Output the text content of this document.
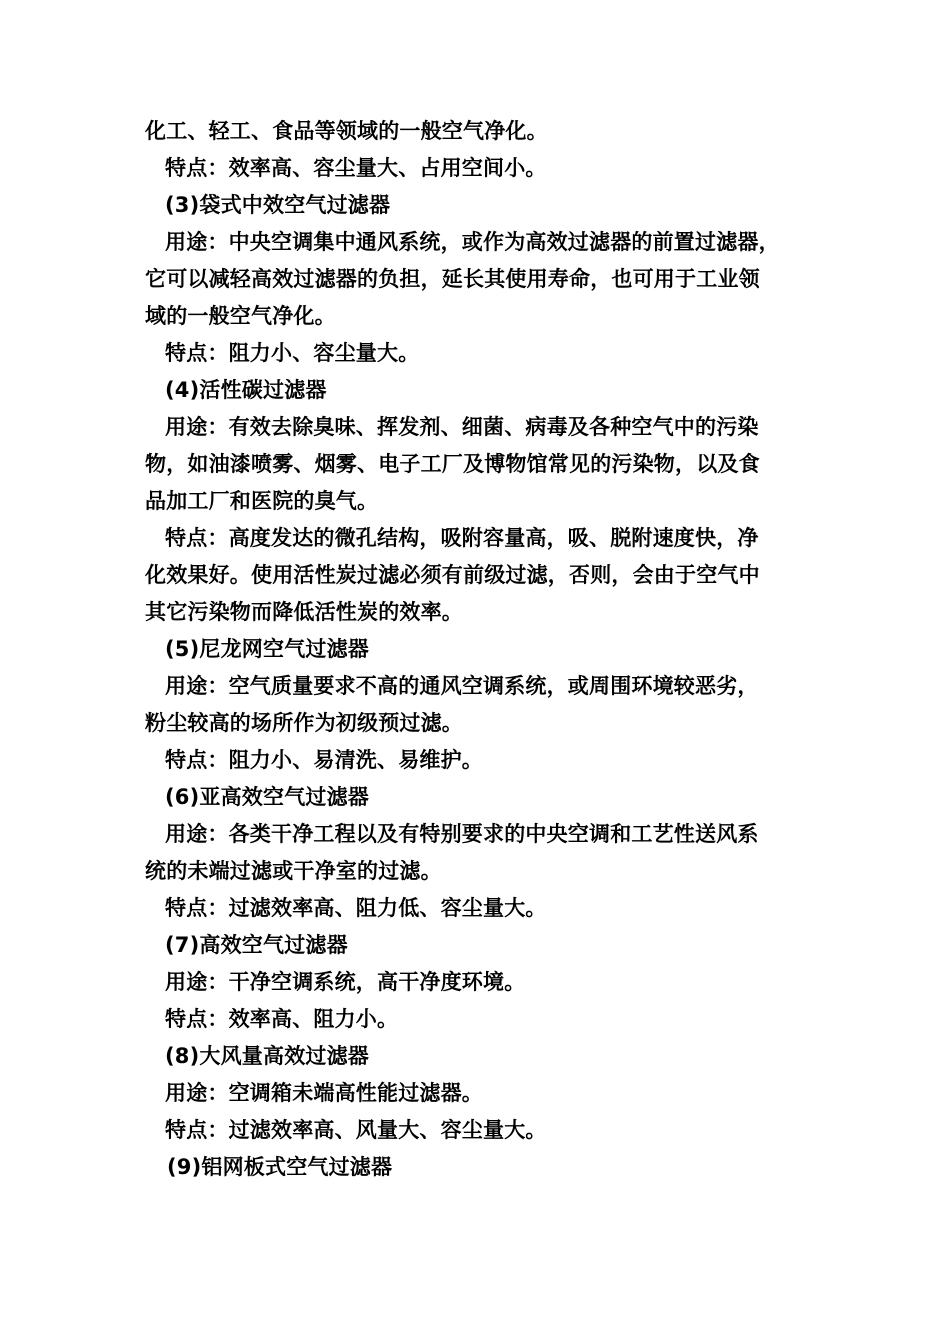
化工、轻工、食品等领域的一般空气净化。
特点：效率高、容尘量大、占用空间小。
(3)袋式中效空气过滤器
用途：中央空调集中通风系统，或作为高效过滤器的前置过滤器，
它可以减轻高效过滤器的负担，延长其使用寿命，也可用于工业领
域的一般空气净化。
特点：阻力小、容尘量大。
(4)活性碳过滤器
用途：有效去除臭味、挥发剂、细菌、病毒及各种空气中的污染
物，如油漆喷雾、烟雾、电子工厂及博物馆常见的污染物，以及食
品加工厂和医院的臭气。
特点：高度发达的微孔结构，吸附容量高，吸、脱附速度快，净
化效果好。使用活性炭过滤必须有前级过滤，否则，会由于空气中
其它污染物而降低活性炭的效率。
(5)尼龙网空气过滤器
用途：空气质量要求不高的通风空调系统，或周围环境较恶劣，
粉尘较高的场所作为初级预过滤。
特点：阻力小、易清洗、易维护。
(6)亚高效空气过滤器
用途：各类干净工程以及有特别要求的中央空调和工艺性送风系
统的未端过滤或干净室的过滤。
特点：过滤效率高、阻力低、容尘量大。
(7)高效空气过滤器
用途：干净空调系统，高干净度环境。
特点：效率高、阻力小。
(8)大风量高效过滤器
用途：空调箱未端高性能过滤器。
特点：过滤效率高、风量大、容尘量大。
(9)铝网板式空气过滤器
